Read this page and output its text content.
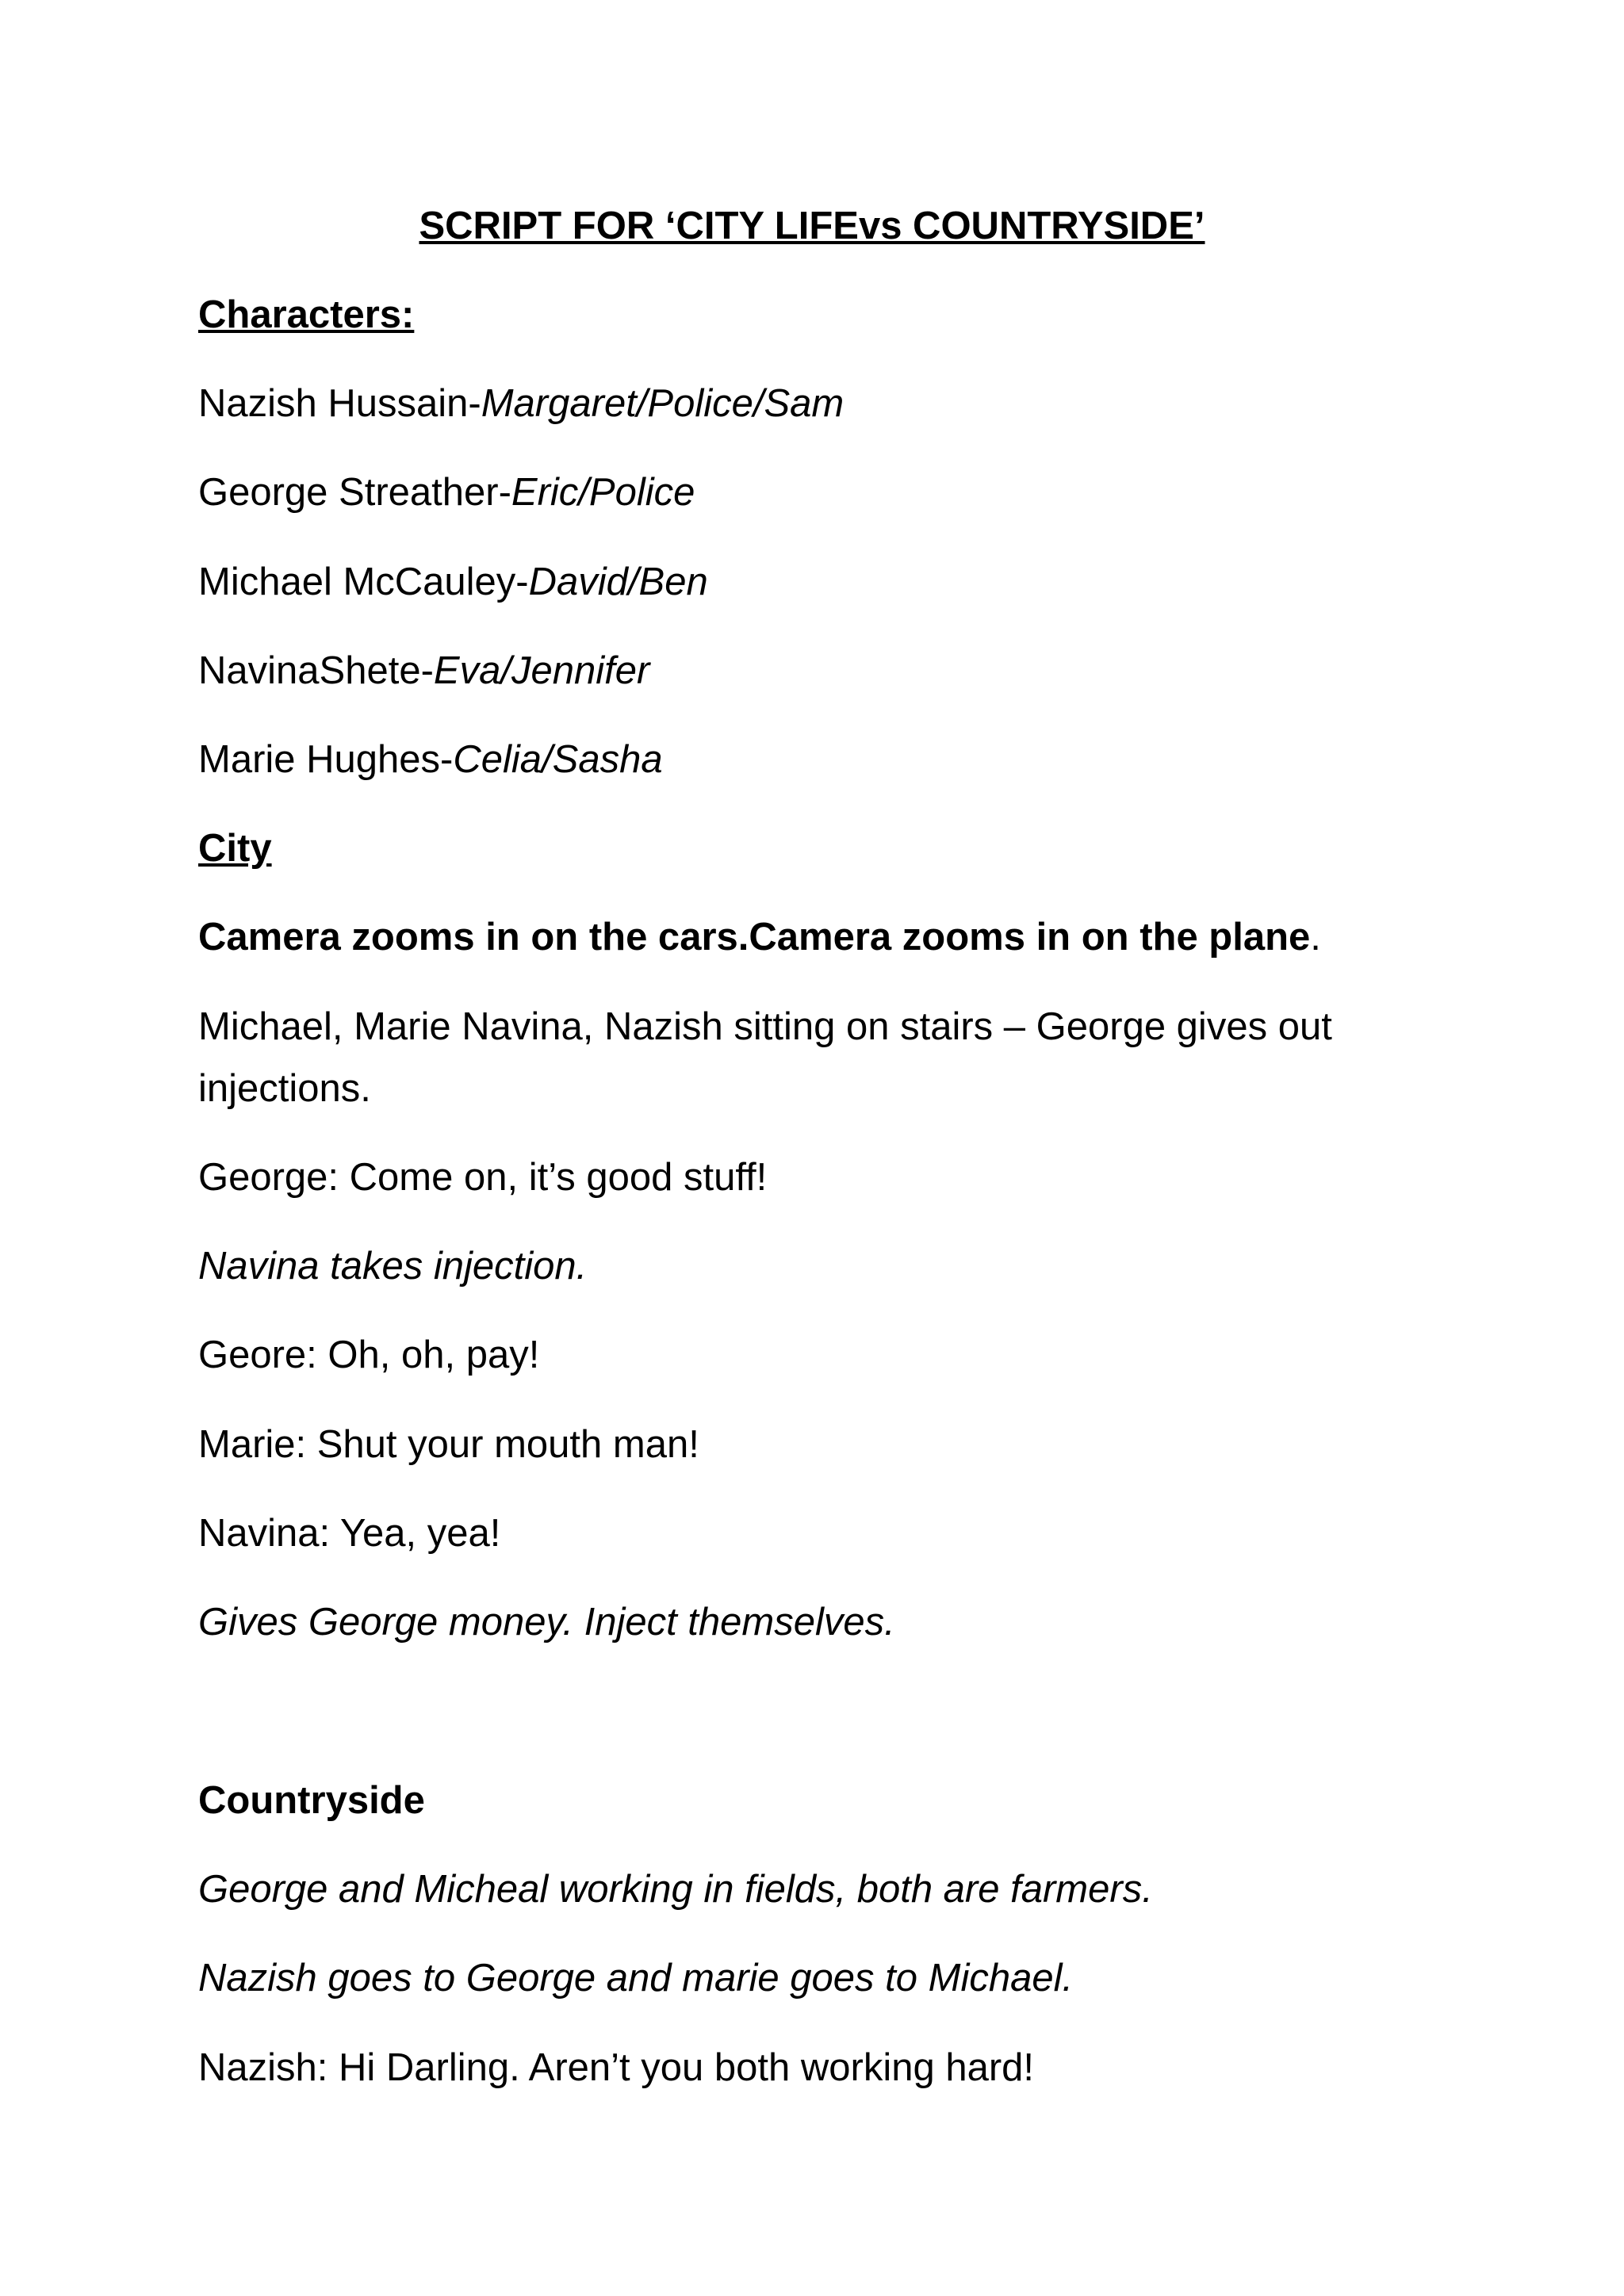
SCRIPT FOR ‘CITY LIFEvs COUNTRYSIDE’

Characters:

Nazish Hussain-Margaret/Police/Sam

George Streather-Eric/Police

Michael McCauley-David/Ben

NavinaShete-Eva/Jennifer

Marie Hughes-Celia/Sasha

City

Camera zooms in on the cars.Camera zooms in on the plane.

Michael, Marie Navina, Nazish sitting on stairs – George gives out injections.

George: Come on, it’s good stuff!

Navina takes injection.

Geore: Oh, oh, pay!

Marie: Shut your mouth man!

Navina: Yea, yea!

Gives George money. Inject themselves.

Countryside

George and Micheal working in fields, both are farmers.

Nazish goes to George and marie goes to Michael.

Nazish: Hi Darling. Aren’t you both working hard!
